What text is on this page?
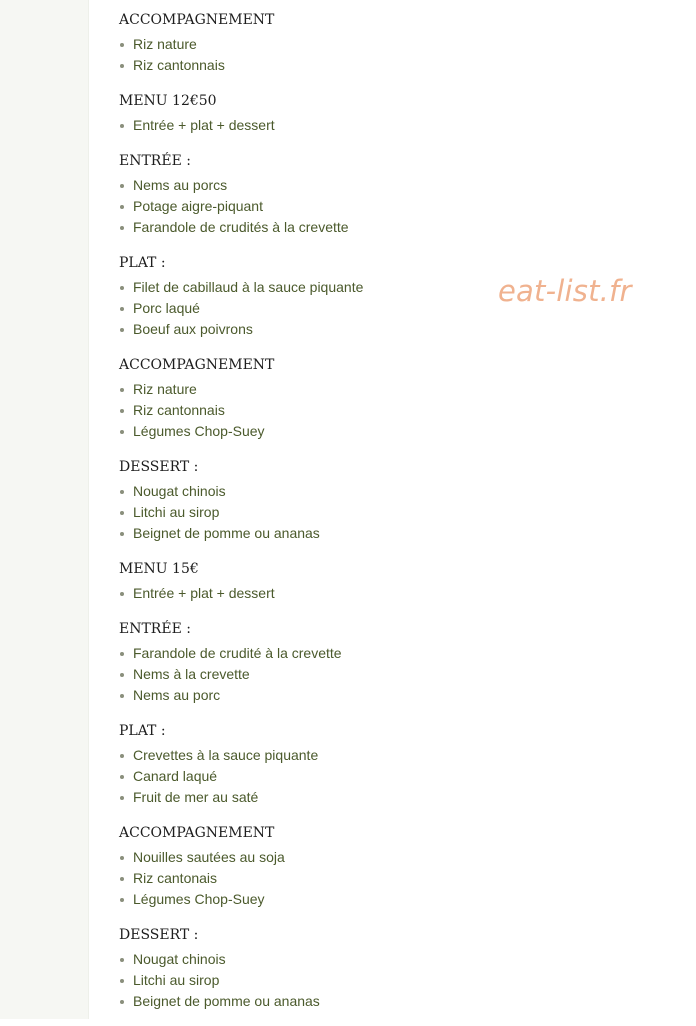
eat-list.fr
ACCOMPAGNEMENT
Riz nature
Riz cantonnais
MENU 12€50
Entrée + plat + dessert
ENTRÉE :
Nems au porcs
Potage aigre-piquant
Farandole de crudités à la crevette
PLAT :
Filet de cabillaud à la sauce piquante
Porc laqué
Boeuf aux poivrons
ACCOMPAGNEMENT
Riz nature
Riz cantonnais
Légumes Chop-Suey
DESSERT :
Nougat chinois
Litchi au sirop
Beignet de pomme ou ananas
MENU 15€
Entrée + plat + dessert
ENTRÉE :
Farandole de crudité à la crevette
Nems à la crevette
Nems au porc
PLAT :
Crevettes à la sauce piquante
Canard laqué
Fruit de mer au saté
ACCOMPAGNEMENT
Nouilles sautées au soja
Riz cantonais
Légumes Chop-Suey
DESSERT :
Nougat chinois
Litchi au sirop
Beignet de pomme ou ananas
